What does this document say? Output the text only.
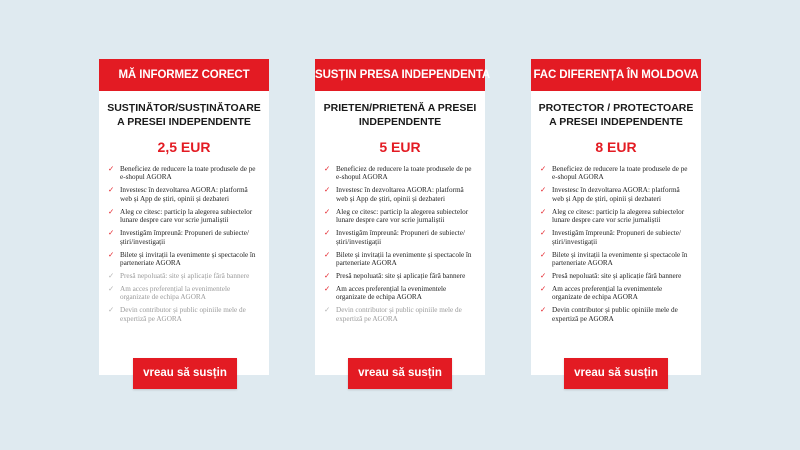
MĂ INFORMEZ CORECT
SUSȚINĂTOR/SUSȚINĂTOARE A PRESEI INDEPENDENTE
2,5 EUR
✓ Beneficiez de reducere la toate produsele de pe e-shopul AGORA
✓ Investesc în dezvoltarea AGORA: platformă web și App de știri, opinii și dezbateri
✓ Aleg ce citesc: particip la alegerea subiectelor lunare despre care vor scrie jurnaliștii
✓ Investigăm împreună: Propuneri de subiecte/știri/investigații
✓ Bilete și invitații la evenimente și spectacole în parteneriate AGORA
✓ Presă nepoluată: site și aplicație fără bannere
✓ Am acces preferențial la evenimentele organizate de echipa AGORA
✓ Devin contributor și public opiniile mele de expertiză pe AGORA
SUSȚIN PRESA INDEPENDENTA
PRIETEN/PRIETENĂ A PRESEI INDEPENDENTE
5 EUR
✓ Beneficiez de reducere la toate produsele de pe e-shopul AGORA
✓ Investesc în dezvoltarea AGORA: platformă web și App de știri, opinii și dezbateri
✓ Aleg ce citesc: particip la alegerea subiectelor lunare despre care vor scrie jurnaliștii
✓ Investigăm împreună: Propuneri de subiecte/știri/investigații
✓ Bilete și invitații la evenimente și spectacole în parteneriate AGORA
✓ Presă nepoluată: site și aplicație fără bannere
✓ Am acces preferențial la evenimentele organizate de echipa AGORA
✓ Devin contributor și public opiniile mele de expertiză pe AGORA
FAC DIFERENȚA ÎN MOLDOVA
PROTECTOR / PROTECTOARE A PRESEI INDEPENDENTE
8 EUR
✓ Beneficiez de reducere la toate produsele de pe e-shopul AGORA
✓ Investesc în dezvoltarea AGORA: platformă web și App de știri, opinii și dezbateri
✓ Aleg ce citesc: particip la alegerea subiectelor lunare despre care vor scrie jurnaliștii
✓ Investigăm împreună: Propuneri de subiecte/știri/investigații
✓ Bilete și invitații la evenimente și spectacole în parteneriate AGORA
✓ Presă nepoluată: site și aplicație fără bannere
✓ Am acces preferențial la evenimentele organizate de echipa AGORA
✓ Devin contributor și public opiniile mele de expertiză pe AGORA
vreau să susțin	vreau să susțin	vreau să susțin
